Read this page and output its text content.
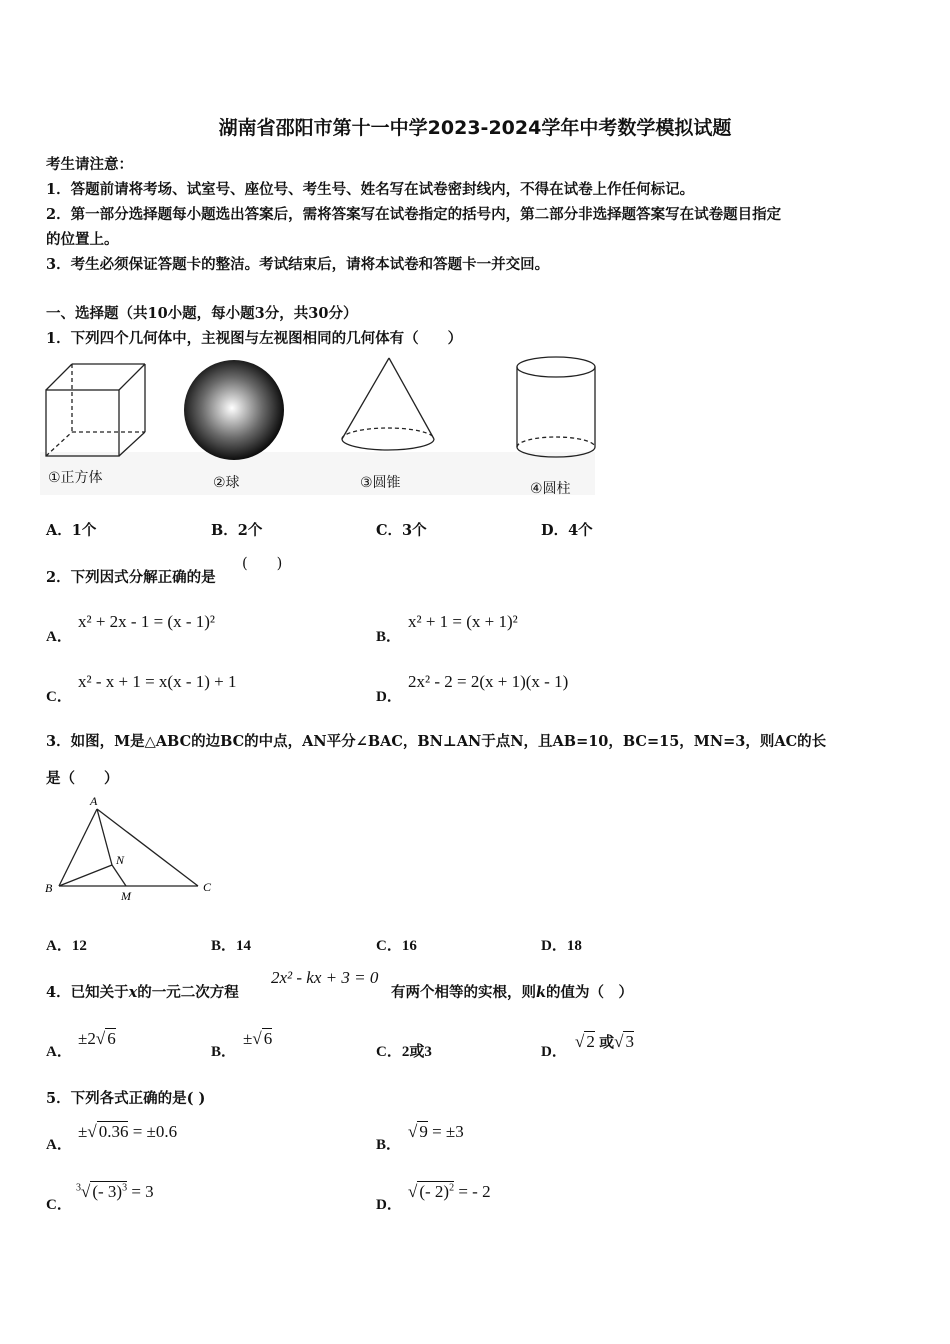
湖南省邵阳市第十一中学2023-2024学年中考数学模拟试题
考生请注意：
1．答题前请将考场、试室号、座位号、考生号、姓名写在试卷密封线内，不得在试卷上作任何标记。
2．第一部分选择题每小题选出答案后，需将答案写在试卷指定的括号内，第二部分非选择题答案写在试卷题目指定
的位置上。
3．考生必须保证答题卡的整洁。考试结束后，请将本试卷和答题卡一并交回。
一、选择题（共10小题，每小题3分，共30分）
1．下列四个几何体中，主视图与左视图相同的几何体有（　　）
①正方体	②球	③圆锥	④圆柱
A．1个	B．2个	C．3个	D．4个
2．下列因式分解正确的是
(　　)
A．
x² + 2x - 1 = (x - 1)²
B．
x² + 1 = (x + 1)²
C．
x² - x + 1 = x(x - 1) + 1
D．
2x² - 2 = 2(x + 1)(x - 1)
3．如图，M是△ABC的边BC的中点，AN平分∠BAC，BN⊥AN于点N，且AB=10，BC=15，MN=3，则AC的长
是（　　）
A
B	C
N
M
A．12	B．14	C．16	D．18
4．已知关于x的一元二次方程
2x² - kx + 3 = 0
有两个相等的实根，则k的值为（　）
A．
±2√ 6
B．
±√ 6
C．2或3	D．
√ 2 或√ 3
5．下列各式正确的是( )
A．
±√ 0.36 = ±0.6
B．
√ 9 = ±3
C．
$^3$√ (- 3)$^3$ = 3
D．
√ (- 2)$^2$ = - 2
